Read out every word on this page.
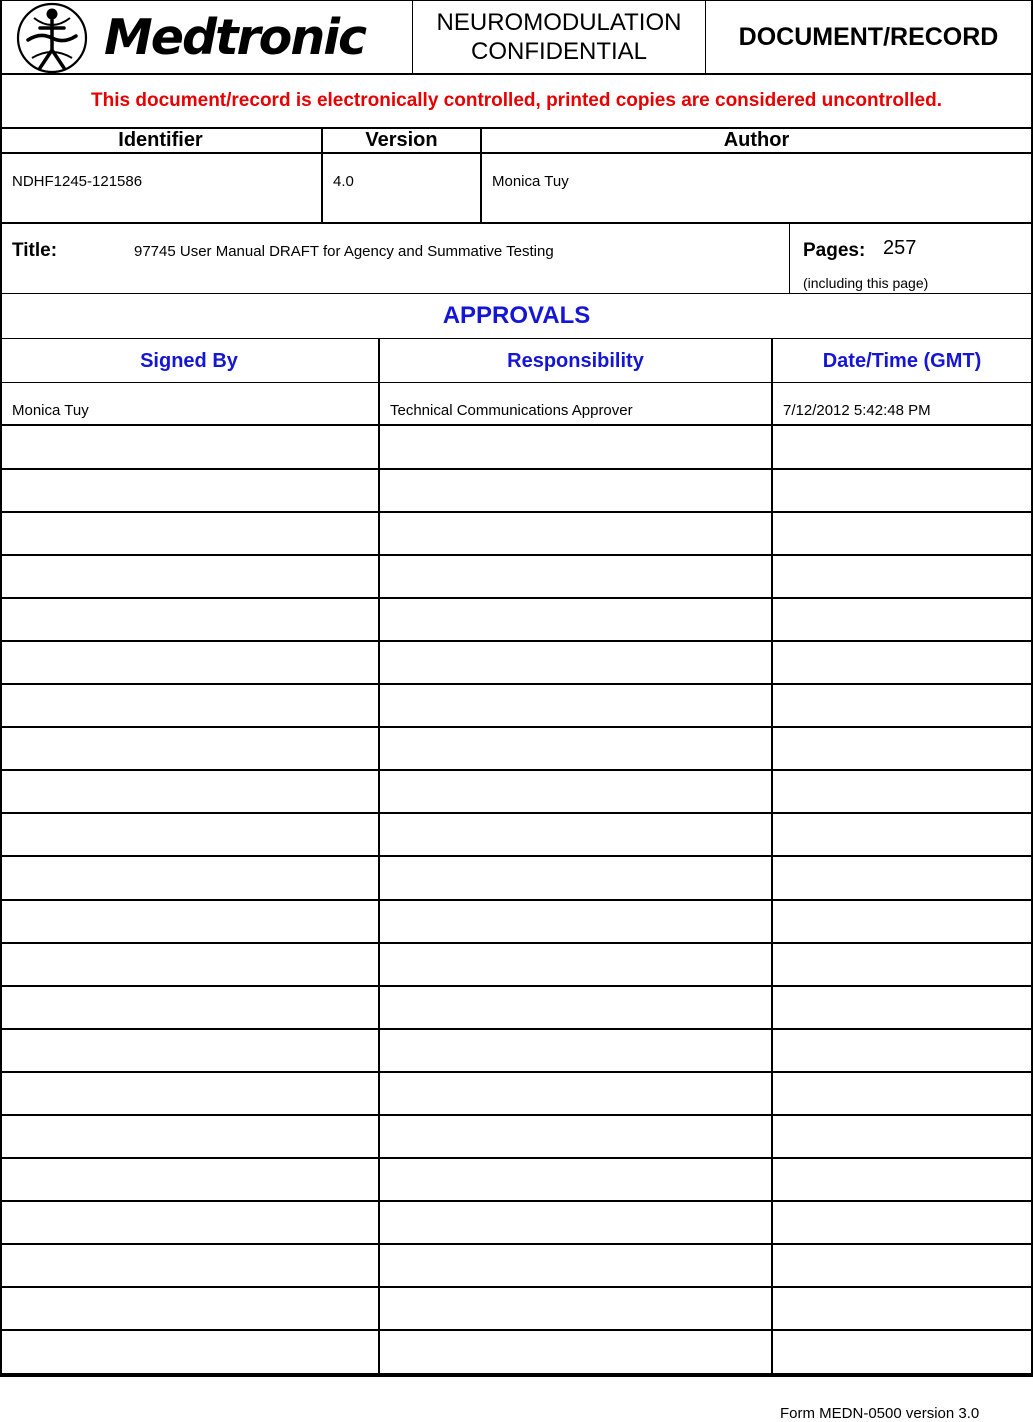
Medtronic	NEUROMODULATION
CONFIDENTIAL
DOCUMENT/RECORD
This document/record is electronically controlled, printed copies are considered uncontrolled.
Identifier	Version	Author
NDHF1245-121586	4.0	Monica Tuy
Title:	97745 User Manual DRAFT for Agency and Summative Testing	Pages: 257
(including this page)
APPROVALS
Signed By	Responsibility	Date/Time (GMT)
Monica Tuy	Technical Communications Approver	7/12/2012 5:42:48 PM
Form MEDN-0500 version 3.0
